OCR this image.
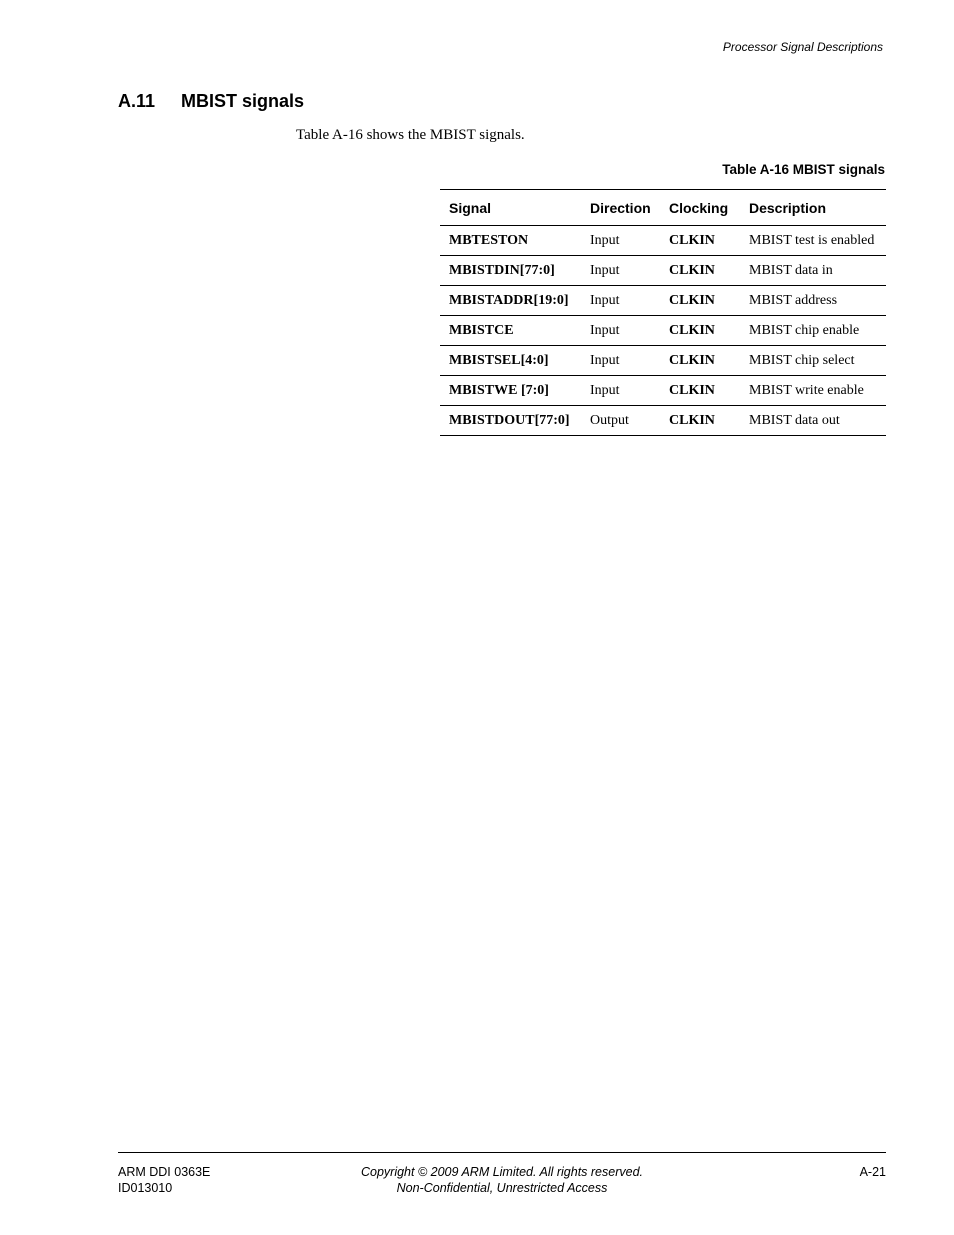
Processor Signal Descriptions
A.11	MBIST signals
Table A-16 shows the MBIST signals.
Table A-16 MBIST signals
Signal	Direction	Clocking	Description
MBTESTON	Input	CLKIN	MBIST test is enabled
MBISTDIN[77:0]	Input	CLKIN	MBIST data in
MBISTADDR[19:0]	Input	CLKIN	MBIST address
MBISTCE	Input	CLKIN	MBIST chip enable
MBISTSEL[4:0]	Input	CLKIN	MBIST chip select
MBISTWE [7:0]	Input	CLKIN	MBIST write enable
MBISTDOUT[77:0]	Output	CLKIN	MBIST data out
ARM DDI 0363E
ID013010
Copyright © 2009 ARM Limited. All rights reserved.
Non-Confidential, Unrestricted Access
A-21
